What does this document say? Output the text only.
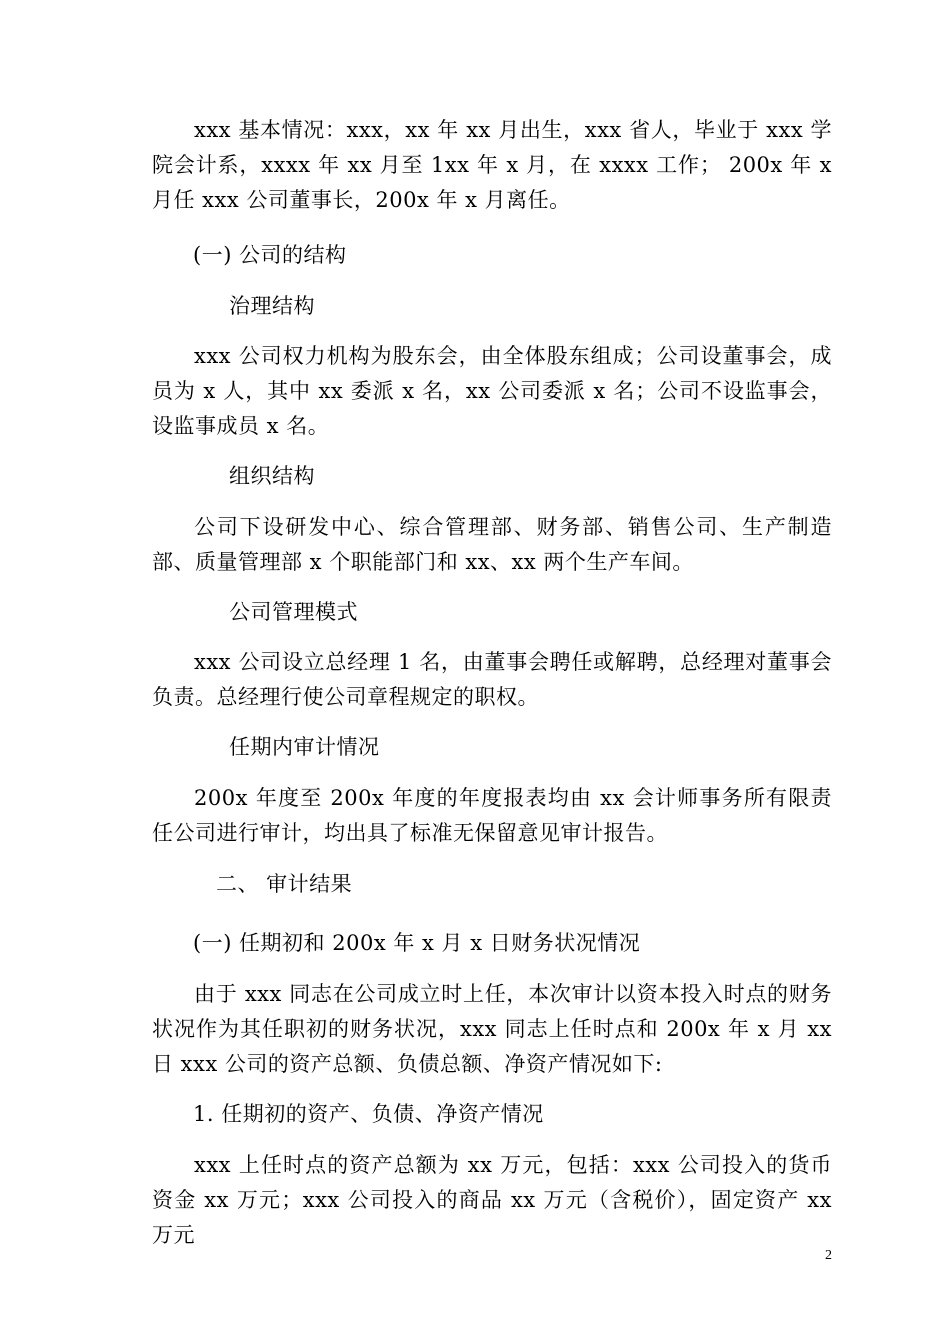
xxx 基本情况：xxx，xx 年 xx 月出生，xxx 省人，毕业于 xxx 学院会计系，xxxx 年 xx 月至 1xx 年 x 月，在 xxxx 工作； 200x 年 x 月任 xxx 公司董事长，200x 年 x 月离任。

(一) 公司的结构
治理结构

xxx 公司权力机构为股东会，由全体股东组成；公司设董事会，成员为 x 人，其中 xx 委派 x 名，xx 公司委派 x 名；公司不设监事会，设监事成员 x 名。

组织结构

公司下设研发中心、综合管理部、财务部、销售公司、生产制造部、质量管理部 x 个职能部门和 xx、xx 两个生产车间。

公司管理模式

xxx 公司设立总经理 1 名，由董事会聘任或解聘，总经理对董事会负责。总经理行使公司章程规定的职权。

任期内审计情况

200x 年度至 200x 年度的年度报表均由 xx 会计师事务所有限责任公司进行审计，均出具了标准无保留意见审计报告。

二、 审计结果
(一) 任期初和 200x 年 x 月 x 日财务状况情况

由于 xxx 同志在公司成立时上任，本次审计以资本投入时点的财务状况作为其任职初的财务状况，xxx 同志上任时点和 200x 年 x 月 xx 日 xxx 公司的资产总额、负债总额、净资产情况如下:

1. 任期初的资产、负债、净资产情况

xxx 上任时点的资产总额为 xx 万元，包括：xxx 公司投入的货币资金 xx 万元；xxx 公司投入的商品 xx 万元（含税价），固定资产 xx 万元

2
